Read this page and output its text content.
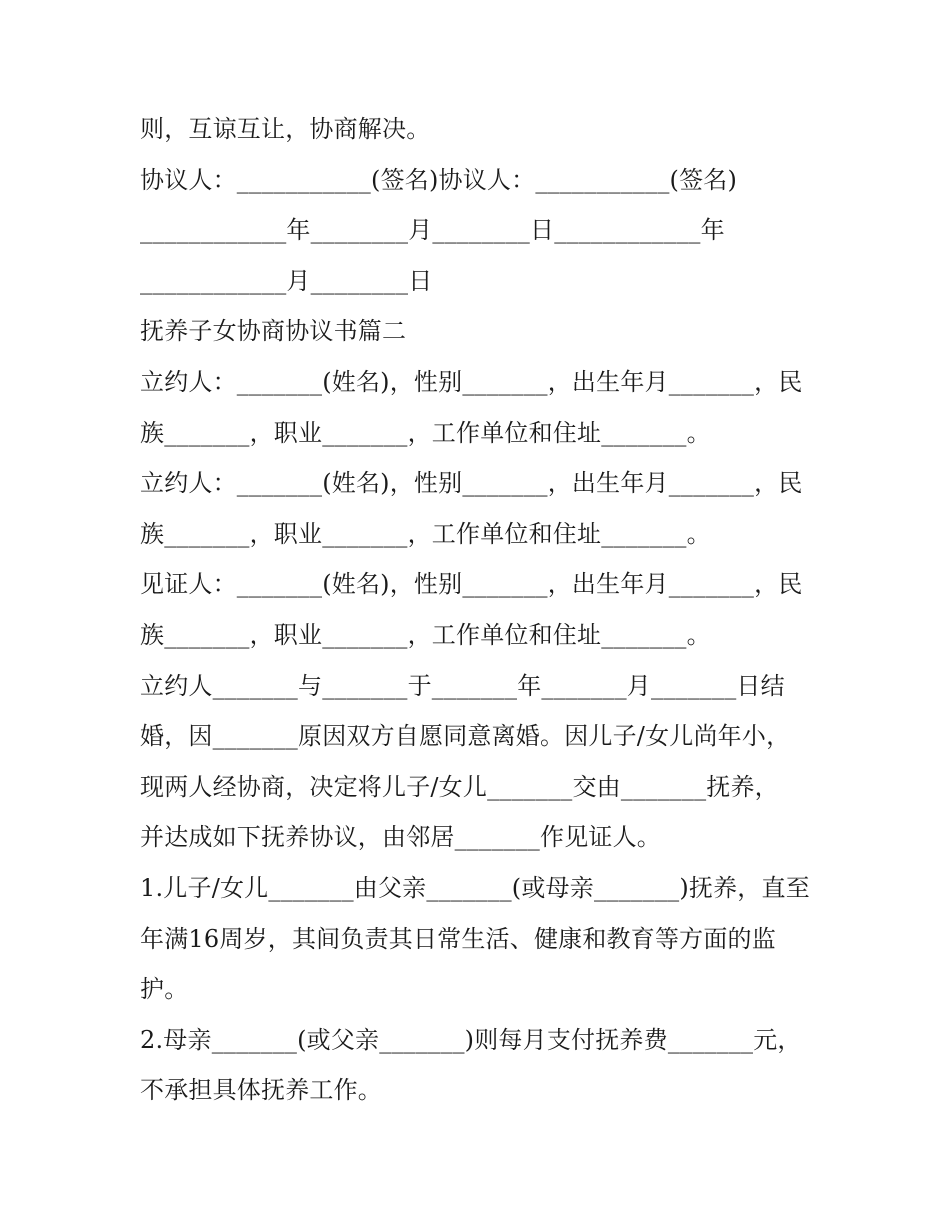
则，互谅互让，协商解决。

协议人：___________(签名)协议人：___________(签名)

____________年________月________日____________年

____________月________日

抚养子女协商协议书篇二

立约人：_______(姓名)，性别_______，出生年月_______，民

族_______，职业_______，工作单位和住址_______。

立约人：_______(姓名)，性别_______，出生年月_______，民

族_______，职业_______，工作单位和住址_______。

见证人：_______(姓名)，性别_______，出生年月_______，民

族_______，职业_______，工作单位和住址_______。

立约人_______与_______于_______年_______月_______日结

婚，因_______原因双方自愿同意离婚。因儿子/女儿尚年小，

现两人经协商，决定将儿子/女儿_______交由_______抚养，

并达成如下抚养协议，由邻居_______作见证人。

1.儿子/女儿_______由父亲_______(或母亲_______)抚养，直至

年满16周岁，其间负责其日常生活、健康和教育等方面的监

护。

2.母亲_______(或父亲_______)则每月支付抚养费_______元，

不承担具体抚养工作。
